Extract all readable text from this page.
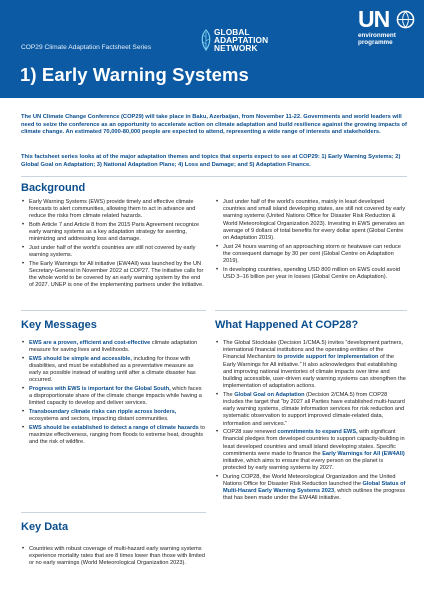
COP29 Climate Adaptation Factsheet Series
GLOBAL
ADAPTATION
NETWORK
UN
environment
programme
1) Early Warning Systems

The UN Climate Change Conference (COP29) will take place in Baku, Azerbaijan, from November 11-22. Governments and world leaders will need to seize the conference as an opportunity to accelerate action on climate adaptation and build resilience against the growing impacts of climate change. An estimated 70,000-80,000 people are expected to attend, representing a wide range of interests and stakeholders.

This factsheet series looks at of the major adaptation themes and topics that experts expect to see at COP29: 1) Early Warning Systems; 2) Global Goal on Adaptation; 3) National Adaptation Plans; 4) Loss and Damage; and 5) Adaptation Finance.

Background
• Early Warning Systems (EWS) provide timely and effective climate forecasts to alert communities, allowing them to act in advance and reduce the risks from climate related hazards.
• Both Article 7 and Article 8 from the 2015 Paris Agreement recognize early warning systems as a key adaptation strategy for averting, minimizing and addressing loss and damage.
• Just under half of the world's countries are still not covered by early warning systems.
• The Early Warnings for All initiative (EW4All) was launched by the UN Secretary-General in November 2022 at COP27. The initiative calls for the whole world to be covered by an early warning system by the end of 2027. UNEP is one of the implementing partners under the initiative.
• Just under half of the world's countries, mainly in least developed countries and small island developing states, are still not covered by early warning systems (United Nations Office for Disaster Risk Reduction & World Meteorological Organization 2023). Investing in EWS generates an average of 9 dollars of total benefits for every dollar spent (Global Centre on Adaptation 2019).
• Just 24 hours warning of an approaching storm or heatwave can reduce the consequent damage by 30 per cent (Global Centre on Adaptation 2019).
• In developing countries, spending USD 800 million on EWS could avoid USD 3–16 billion per year in losses (Global Centre on Adaptation).
Key Messages
• EWS are a proven, efficient and cost-effective climate adaptation measure for saving lives and livelihoods.
• EWS should be simple and accessible, including for those with disabilities, and must be established as a preventative measure as early as possible instead of waiting until after a climate disaster has occurred.
• Progress with EWS is important for the Global South, which faces a disproportionate share of the climate change impacts while having a limited capacity to develop and deliver services.
• Transboundary climate risks can ripple across borders, ecosystems and sectors, impacting distant communities.
• EWS should be established to detect a range of climate hazards to maximize effectiveness, ranging from floods to extreme heat, droughts and the risk of wildfire.
Key Data
• Countries with robust coverage of multi-hazard early warning systems experience mortality rates that are 8 times lower than those with limited or no early warnings (World Meteorological Organization 2023).
What Happened At COP28?
• The Global Stocktake (Decision 1/CMA.5) invites “development partners, international financial institutions and the operating entities of the Financial Mechanism to provide support for implementation of the Early Warnings for All initiative.” It also acknowledges that establishing and improving national inventories of climate impacts over time and building accessible, user-driven early warning systems can strengthen the implementation of adaptation actions.
• The Global Goal on Adaptation (Decision 2/CMA.5) from COP28 includes the target that “by 2027 all Parties have established multi-hazard early warning systems, climate information services for risk reduction and systematic observation to support improved climate-related data, information and services.”
• COP28 saw renewed commitments to expand EWS, with significant financial pledges from developed countries to support capacity-building in least developed countries and small island developing states. Specific commitments were made to finance the Early Warnings for All (EW4All) initiative, which aims to ensure that every person on the planet is protected by early warning systems by 2027.
• During COP28, the World Meteorological Organization and the United Nations Office for Disaster Risk Reduction launched the Global Status of Multi-Hazard Early Warning Systems 2023, which outlines the progress that has been made under the EW4All initiative.
